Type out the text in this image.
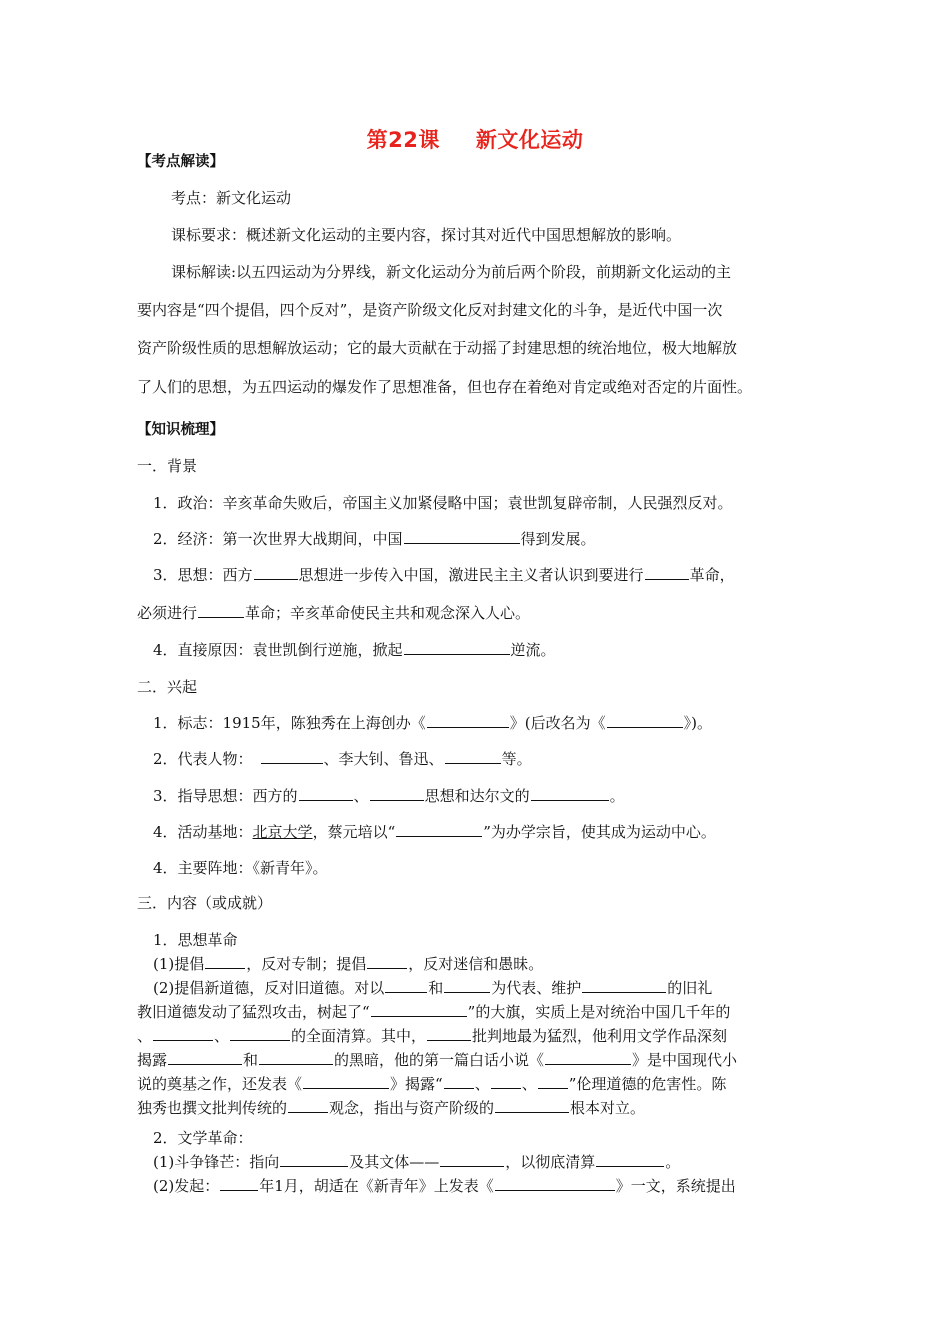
第22课 新文化运动
【考点解读】
考点：新文化运动
课标要求：概述新文化运动的主要内容，探讨其对近代中国思想解放的影响。
课标解读:以五四运动为分界线，新文化运动分为前后两个阶段，前期新文化运动的主
要内容是“四个提倡，四个反对”，是资产阶级文化反对封建文化的斗争，是近代中国一次
资产阶级性质的思想解放运动；它的最大贡献在于动摇了封建思想的统治地位，极大地解放
了人们的思想，为五四运动的爆发作了思想准备，但也存在着绝对肯定或绝对否定的片面性。
【知识梳理】
一．背景
1．政治：辛亥革命失败后，帝国主义加紧侵略中国；袁世凯复辟帝制，人民强烈反对。
2．经济：第一次世界大战期间，中国	得到发展。
3．思想：西方	思想进一步传入中国，激进民主主义者认识到要进行	革命，
必须进行	革命；辛亥革命使民主共和观念深入人心。
4．直接原因：袁世凯倒行逆施，掀起	逆流。
二．兴起
1．标志：1915年，陈独秀在上海创办《	》(后改名为《	》)。
2．代表人物：	、李大钊、鲁迅、	等。
3．指导思想：西方的	、	思想和达尔文的	。
4．活动基地：北京大学，蔡元培以“	”为办学宗旨，使其成为运动中心。
4．主要阵地：《新青年》。
三．内容（或成就）
1．思想革命
(1)提倡	，反对专制；提倡	，反对迷信和愚昧。
(2)提倡新道德，反对旧道德。对以	和	为代表、维护	的旧礼
教旧道德发动了猛烈攻击，树起了“	”的大旗，实质上是对统治中国几千年的
、	、	的全面清算。其中，	批判地最为猛烈，他利用文学作品深刻
揭露	和	的黑暗，他的第一篇白话小说《	》是中国现代小
说的奠基之作，还发表《	》揭露“ 、 、 ”伦理道德的危害性。陈
独秀也撰文批判传统的	观念，指出与资产阶级的	根本对立。
2．文学革命：
(1)斗争锋芒：指向	及其文体——	，以彻底清算	。
(2)发起：	年1月，胡适在《新青年》上发表《	》一文，系统提出
